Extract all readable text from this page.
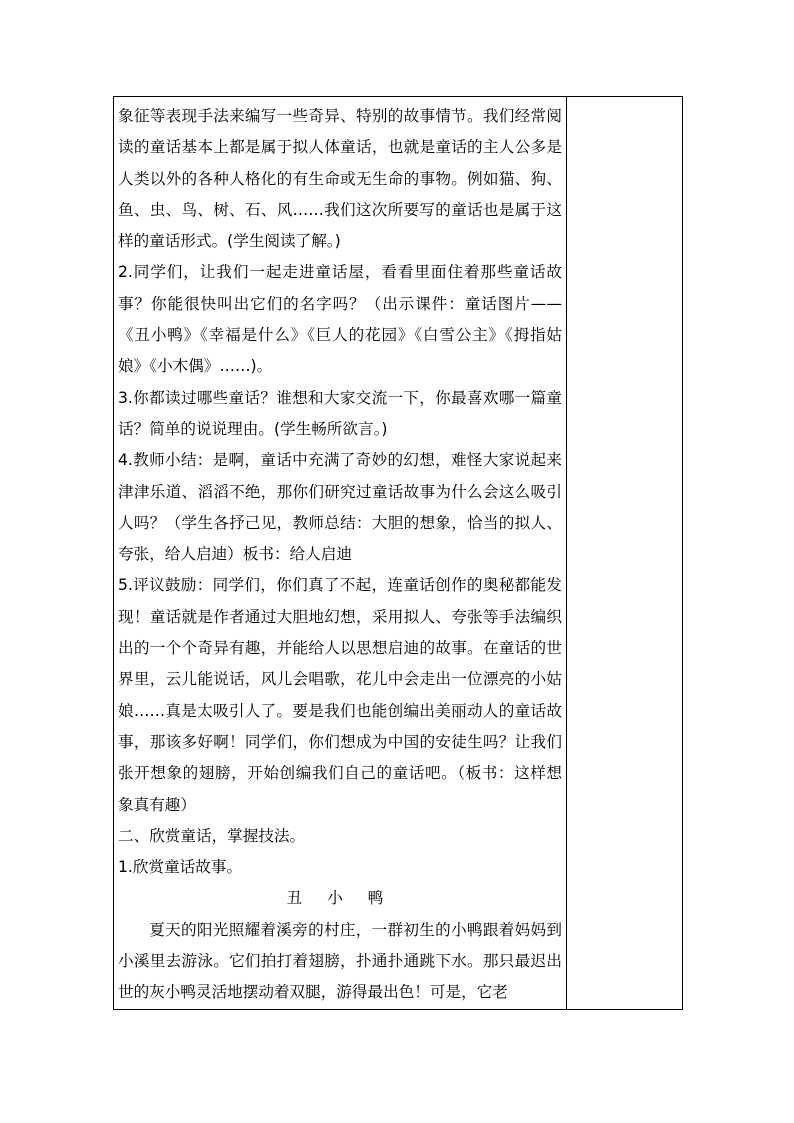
象征等表现手法来编写一些奇异、特别的故事情节。我们经常阅读的童话基本上都是属于拟人体童话，也就是童话的主人公多是人类以外的各种人格化的有生命或无生命的事物。例如猫、狗、鱼、虫、鸟、树、石、风……我们这次所要写的童话也是属于这样的童话形式。(学生阅读了解。)

2.同学们，让我们一起走进童话屋，看看里面住着那些童话故事？你能很快叫出它们的名字吗？（出示课件：童话图片——《丑小鸭》《幸福是什么》《巨人的花园》《白雪公主》《拇指姑娘》《小木偶》……)。

3.你都读过哪些童话？谁想和大家交流一下，你最喜欢哪一篇童话？简单的说说理由。(学生畅所欲言。)

4.教师小结：是啊，童话中充满了奇妙的幻想，难怪大家说起来津津乐道、滔滔不绝，那你们研究过童话故事为什么会这么吸引人吗？（学生各抒己见，教师总结：大胆的想象，恰当的拟人、夸张，给人启迪）板书：给人启迪

5.评议鼓励：同学们，你们真了不起，连童话创作的奥秘都能发现！童话就是作者通过大胆地幻想，采用拟人、夸张等手法编织出的一个个奇异有趣，并能给人以思想启迪的故事。在童话的世界里，云儿能说话，风儿会唱歌，花儿中会走出一位漂亮的小姑娘……真是太吸引人了。要是我们也能创编出美丽动人的童话故事，那该多好啊！同学们，你们想成为中国的安徒生吗？让我们张开想象的翅膀，开始创编我们自己的童话吧。（板书：这样想象真有趣）

二、欣赏童话，掌握技法。

1.欣赏童话故事。

丑 小 鸭

夏天的阳光照耀着溪旁的村庄，一群初生的小鸭跟着妈妈到小溪里去游泳。它们拍打着翅膀，扑通扑通跳下水。那只最迟出世的灰小鸭灵活地摆动着双腿，游得最出色！可是，它老
